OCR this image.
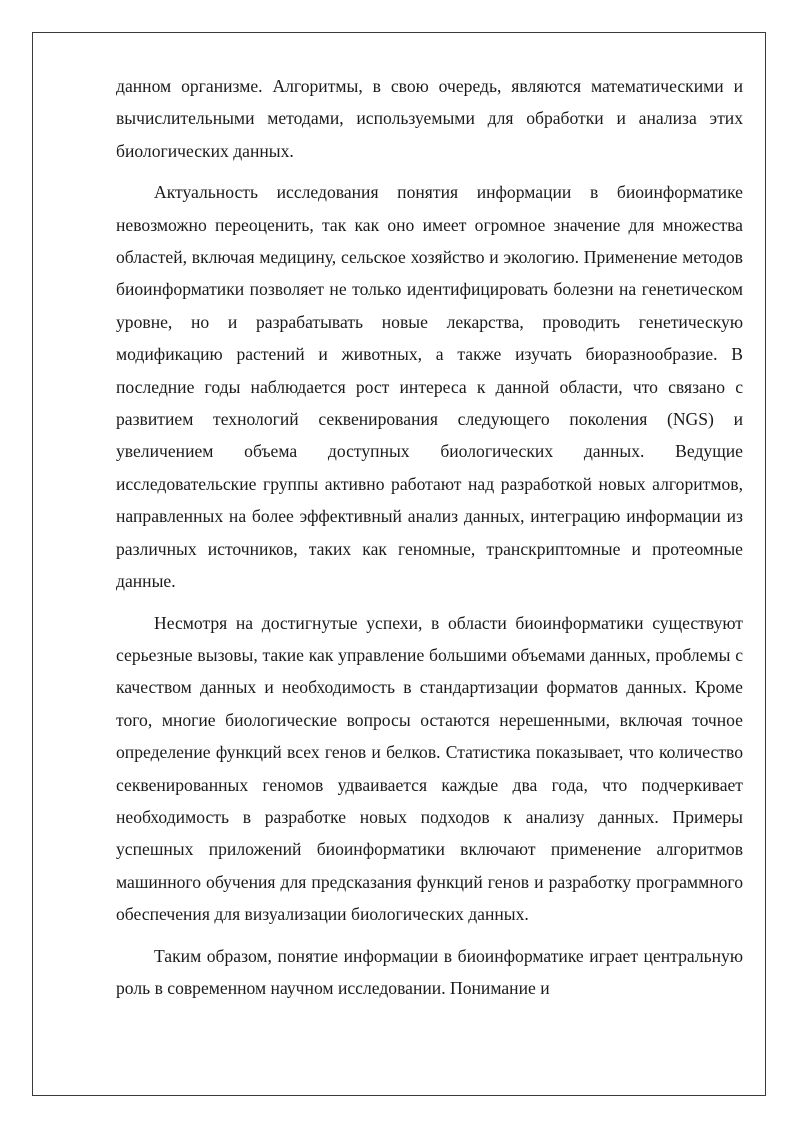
данном организме. Алгоритмы, в свою очередь, являются математическими и вычислительными методами, используемыми для обработки и анализа этих биологических данных.

Актуальность исследования понятия информации в биоинформатике невозможно переоценить, так как оно имеет огромное значение для множества областей, включая медицину, сельское хозяйство и экологию. Применение методов биоинформатики позволяет не только идентифицировать болезни на генетическом уровне, но и разрабатывать новые лекарства, проводить генетическую модификацию растений и животных, а также изучать биоразнообразие. В последние годы наблюдается рост интереса к данной области, что связано с развитием технологий секвенирования следующего поколения (NGS) и увеличением объема доступных биологических данных. Ведущие исследовательские группы активно работают над разработкой новых алгоритмов, направленных на более эффективный анализ данных, интеграцию информации из различных источников, таких как геномные, транскриптомные и протеомные данные.

Несмотря на достигнутые успехи, в области биоинформатики существуют серьезные вызовы, такие как управление большими объемами данных, проблемы с качеством данных и необходимость в стандартизации форматов данных. Кроме того, многие биологические вопросы остаются нерешенными, включая точное определение функций всех генов и белков. Статистика показывает, что количество секвенированных геномов удваивается каждые два года, что подчеркивает необходимость в разработке новых подходов к анализу данных. Примеры успешных приложений биоинформатики включают применение алгоритмов машинного обучения для предсказания функций генов и разработку программного обеспечения для визуализации биологических данных.

Таким образом, понятие информации в биоинформатике играет центральную роль в современном научном исследовании. Понимание и
